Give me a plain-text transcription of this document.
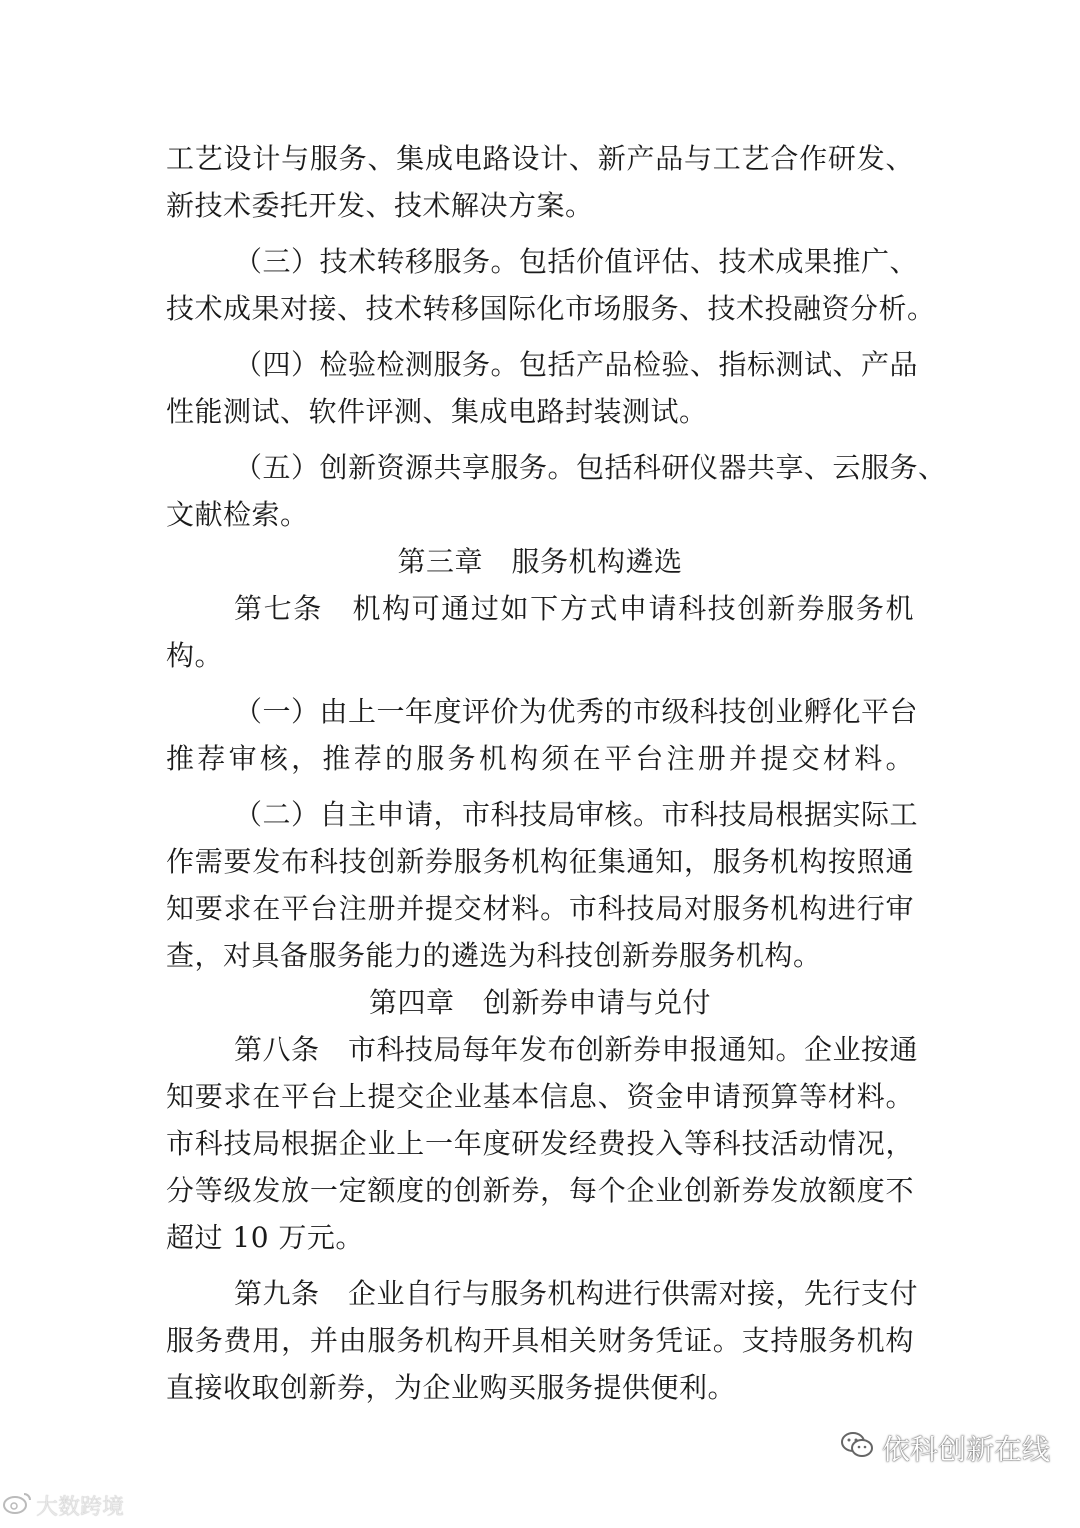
工艺设计与服务、集成电路设计、新产品与工艺合作研发、
新技术委托开发、技术解决方案。
（三）技术转移服务。包括价值评估、技术成果推广、
技术成果对接、技术转移国际化市场服务、技术投融资分析。
（四）检验检测服务。包括产品检验、指标测试、产品
性能测试、软件评测、集成电路封装测试。
（五）创新资源共享服务。包括科研仪器共享、云服务、
文献检索。
第三章　服务机构遴选
第七条　机构可通过如下方式申请科技创新券服务机
构。
（一）由上一年度评价为优秀的市级科技创业孵化平台
推荐审核，推荐的服务机构须在平台注册并提交材料。
（二）自主申请，市科技局审核。市科技局根据实际工
作需要发布科技创新券服务机构征集通知，服务机构按照通
知要求在平台注册并提交材料。市科技局对服务机构进行审
查，对具备服务能力的遴选为科技创新券服务机构。
第四章　创新券申请与兑付
第八条　市科技局每年发布创新券申报通知。企业按通
知要求在平台上提交企业基本信息、资金申请预算等材料。
市科技局根据企业上一年度研发经费投入等科技活动情况，
分等级发放一定额度的创新券，每个企业创新券发放额度不
超过 10 万元。
第九条　企业自行与服务机构进行供需对接，先行支付
服务费用，并由服务机构开具相关财务凭证。支持服务机构
直接收取创新券，为企业购买服务提供便利。
依科创新在线
大数跨境
